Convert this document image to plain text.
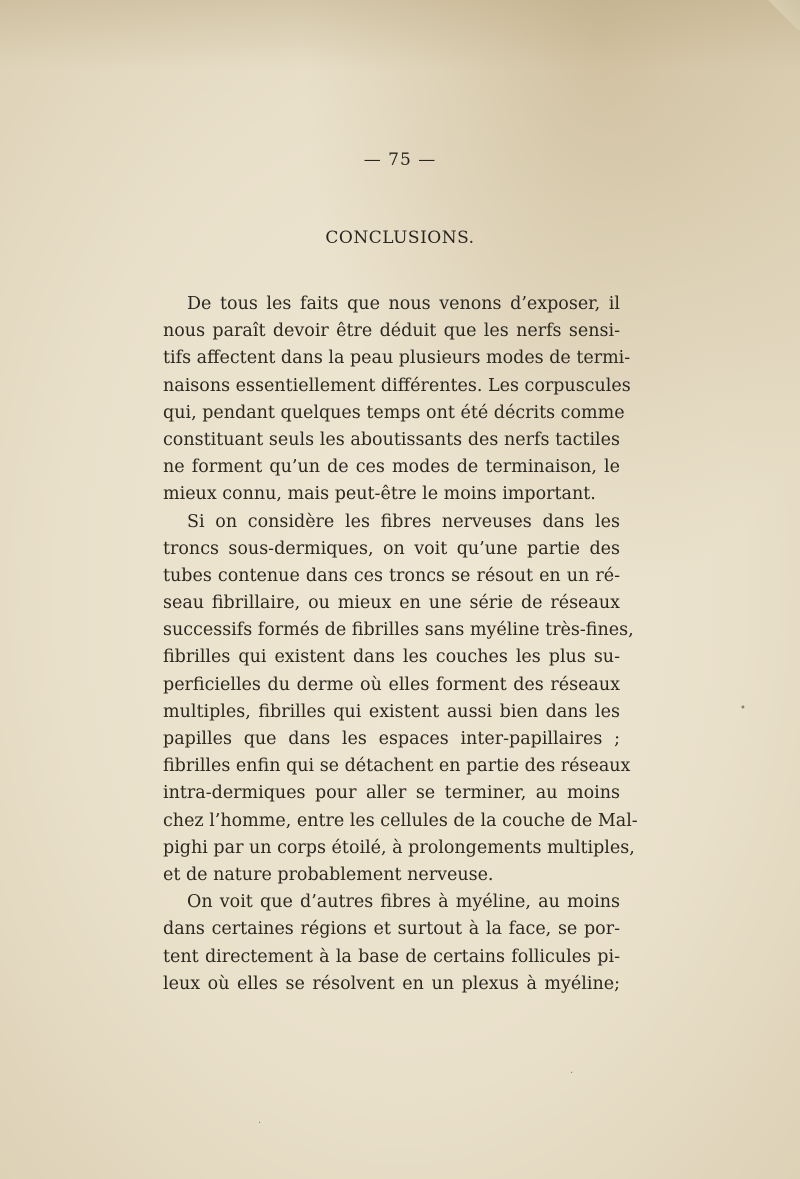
— 75 —
CONCLUSIONS.
De tous les faits que nous venons d’exposer, il
nous paraît devoir être déduit que les nerfs sensi-
tifs affectent dans la peau plusieurs modes de termi-
naisons essentiellement différentes. Les corpuscules
qui, pendant quelques temps ont été décrits comme
constituant seuls les aboutissants des nerfs tactiles
ne forment qu’un de ces modes de terminaison, le
mieux connu, mais peut-être le moins important.
Si on considère les fibres nerveuses dans les
troncs sous-dermiques, on voit qu’une partie des
tubes contenue dans ces troncs se résout en un ré-
seau fibrillaire, ou mieux en une série de réseaux
successifs formés de fibrilles sans myéline très-fines,
fibrilles qui existent dans les couches les plus su-
perficielles du derme où elles forment des réseaux
multiples, fibrilles qui existent aussi bien dans les
papilles que dans les espaces inter-papillaires ;
fibrilles enfin qui se détachent en partie des réseaux
intra-dermiques pour aller se terminer, au moins
chez l’homme, entre les cellules de la couche de Mal-
pighi par un corps étoilé, à prolongements multiples,
et de nature probablement nerveuse.
On voit que d’autres fibres à myéline, au moins
dans certaines régions et surtout à la face, se por-
tent directement à la base de certains follicules pi-
leux où elles se résolvent en un plexus à myéline;
•
·
·
